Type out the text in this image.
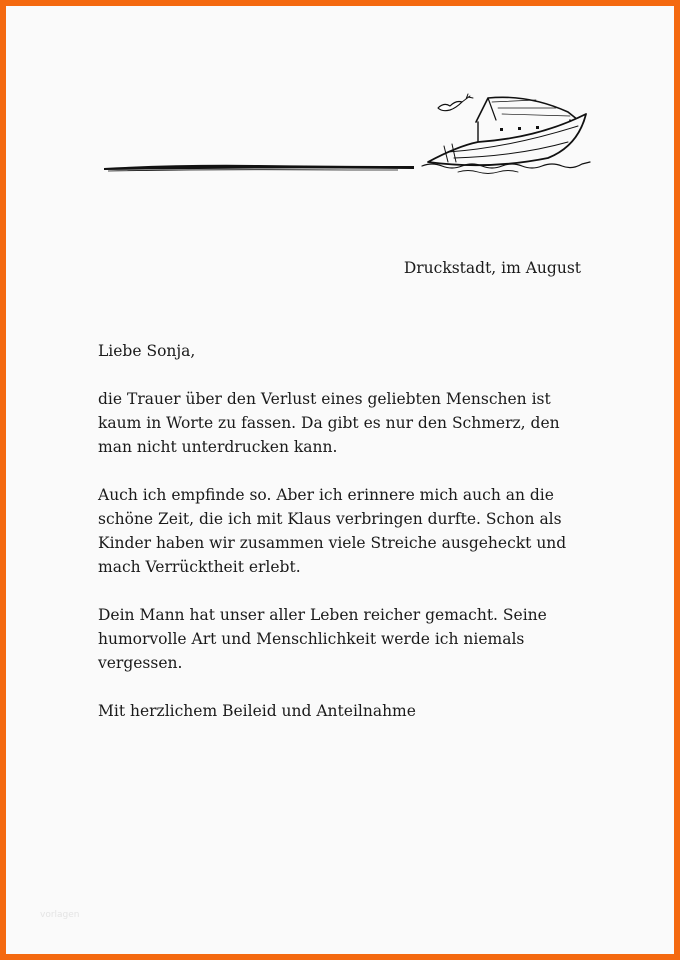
Druckstadt, im August

Liebe Sonja,

die Trauer über den Verlust eines geliebten Menschen ist kaum in Worte zu fassen. Da gibt es nur den Schmerz, den man nicht unterdrucken kann.

Auch ich empfinde so. Aber ich erinnere mich auch an die schöne Zeit, die ich mit Klaus verbringen durfte. Schon als Kinder haben wir zusammen viele Streiche ausgeheckt und mach Verrücktheit erlebt.

Dein Mann hat unser aller Leben reicher gemacht. Seine humorvolle Art und Menschlichkeit werde ich niemals vergessen.

Mit herzlichem Beileid und Anteilnahme

vorlagen
